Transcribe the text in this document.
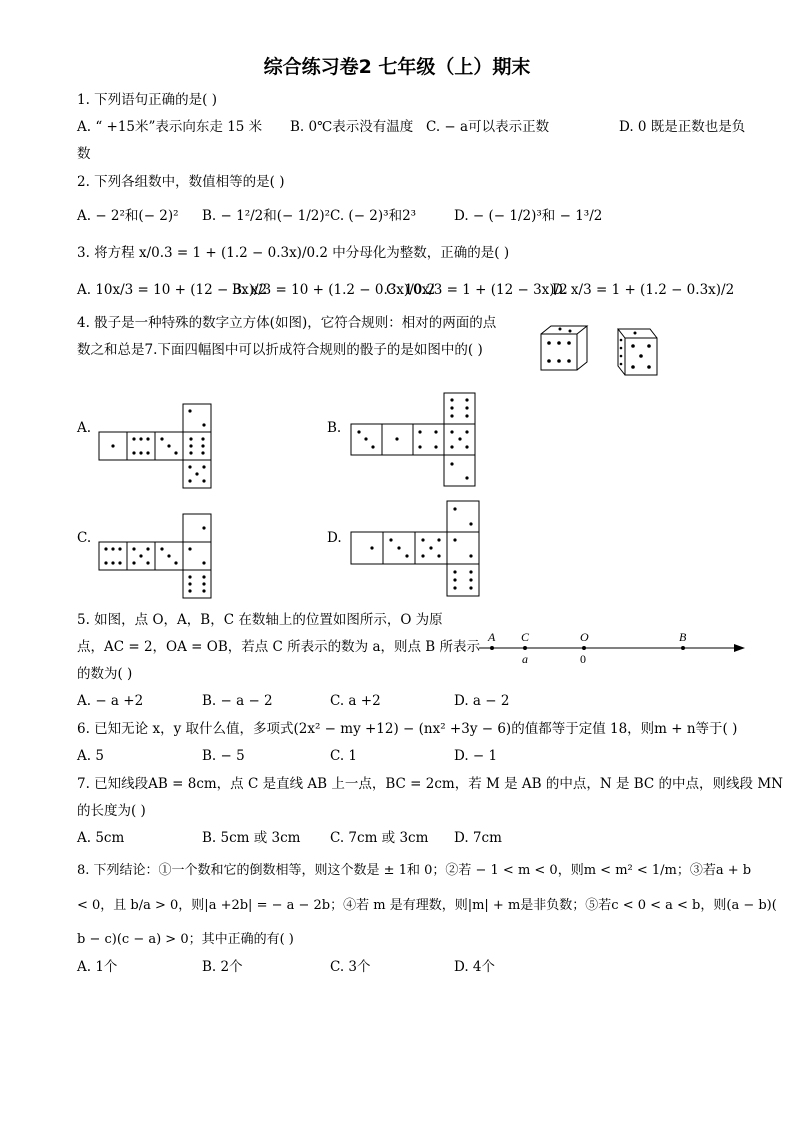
综合练习卷2 七年级（上）期末
1. 下列语句正确的是( )
A. “ +15米”表示向东走 15 米 B. 0℃表示没有温度 C. − a可以表示正数	D. 0 既是正数也是负
数
2. 下列各组数中，数值相等的是( )
A. − 2²和(− 2)² B. − 1²/2和(− 1/2)² C. (− 2)³和2³	D. − (− 1/2)³和 − 1³/2
3. 将方程 x/0.3 = 1 + (1.2 − 0.3x)/0.2 中分母化为整数，正确的是( )
A. 10x/3 = 10 + (12 − 3x)/2
B. x/3 = 10 + (1.2 − 0.3x)/0.2
C. 10x/3 = 1 + (12 − 3x)/2
D. x/3 = 1 + (1.2 − 0.3x)/2
4. 骰子是一种特殊的数字立方体(如图)，它符合规则：相对的两面的点
数之和总是7.下面四幅图中可以折成符合规则的骰子的是如图中的( )
A.	B.
C.	D.
5. 如图，点 O，A，B，C 在数轴上的位置如图所示，O 为原
点，AC = 2，OA = OB，若点 C 所表示的数为 a，则点 B 所表示
的数为( )
A C	O	B
a	0
A. − a +2	B. − a − 2	C. a +2	D. a − 2
6. 已知无论 x，y 取什么值，多项式(2x² − my +12) − (nx² +3y − 6)的值都等于定值 18，则m + n等于( )
A. 5	B. − 5	C. 1	D. − 1
7. 已知线段AB = 8cm，点 C 是直线 AB 上一点，BC = 2cm，若 M 是 AB 的中点，N 是 BC 的中点，则线段 MN
的长度为( )
A. 5cm	B. 5cm 或 3cm C. 7cm 或 3cm D. 7cm
8. 下列结论：①一个数和它的倒数相等，则这个数是 ± 1和 0；②若 − 1 < m < 0，则m < m² < 1/m；③若a + b
< 0，且 b/a > 0，则|a +2b| = − a − 2b；④若 m 是有理数，则|m| + m是非负数；⑤若c < 0 < a < b，则(a − b)(
b − c)(c − a) > 0；其中正确的有( )
A. 1个	B. 2个	C. 3个	D. 4个
